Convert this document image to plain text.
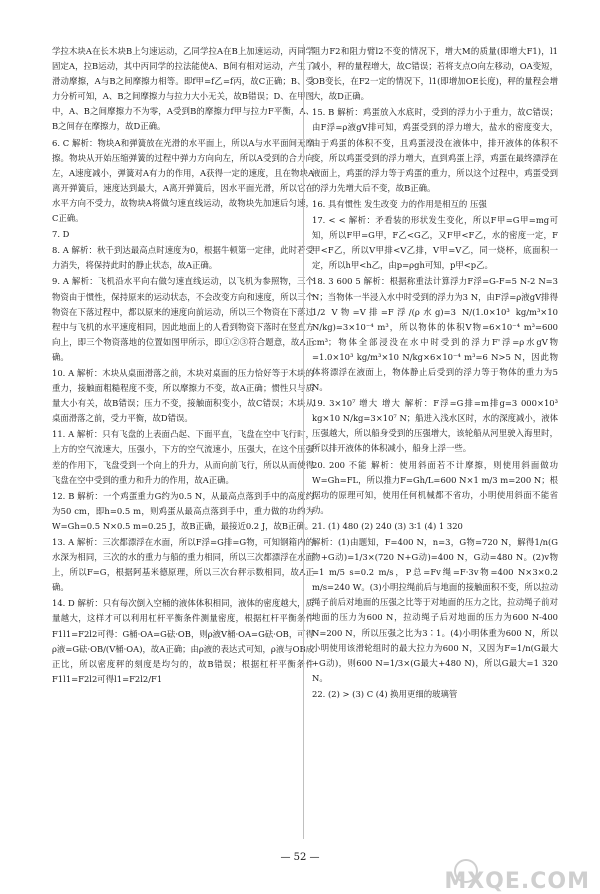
学拉木块A在长木块B上匀速运动，乙同学拉A在B上加速运动，丙同学固定A，拉B运动，其中丙同学的拉法能使A、B间有相对运动，产生了滑动摩擦，A与B之间摩擦力相等。即f甲=f乙=f丙，故C正确；B、受力分析可知，A、B之间摩擦力与拉力大小无关，故B错误；D、在甲图中，A、B之间摩擦力不为零，A受到B的摩擦力f甲与拉力F平衡，A、B之间存在摩擦力，故D正确。

6. C 解析：物块A和弹簧放在光滑的水平面上，所以A与水平面间无摩擦。物块从开始压缩弹簧的过程中弹力方向向左，所以A受到的合力向左，A速度减小，弹簧对A有力的作用，A获得一定的速度，且在物块A离开弹簧后，速度达到最大，A离开弹簧后，因水平面光滑，所以它在水平方向不受力，故物块A将做匀速直线运动，故物块先加速后匀速，C正确。

7. D

8. A 解析：秋千到达最高点时速度为0，根据牛顿第一定律，此时若受力消失，将保持此时的静止状态，故A正确。

9. A 解析：飞机沿水平向右做匀速直线运动，以飞机为参照物，三个物资由于惯性，保持原来的运动状态，不会改变方向和速度，所以三个物资在下落过程中，都以原来的速度向前运动，所以三个物资在下落过程中与飞机的水平速度相同，因此地面上的人看到物资下落时在竖直方向上，即三个物资落地的位置如图甲所示，即①②③符合题意，故A正确。

10. A 解析：木块从桌面滑落之前，木块对桌面的压力恰好等于木块的重力，接触面粗糙程度不变，所以摩擦力不变，故A正确；惯性只与质量大小有关，故B错误；压力不变，接触面积变小，故C错误；木块从桌面滑落之前，受力平衡，故D错误。

11. A 解析：只有飞盘的上表面凸起、下面平直，飞盘在空中飞行时，上方的空气流速大，压强小，下方的空气流速小，压强大，在这个压强差的作用下，飞盘受到一个向上的升力，从而向前飞行，所以从而使得飞盘在空中受到的重力和升力的作用，故A正确。

12. B 解析：一个鸡蛋重力G约为0.5 N，从最高点落到手中的高度约为50 cm，即h=0.5 m，则鸡蛋从最高点落到手中，重力做的功约为W=Gh=0.5 N×0.5 m=0.25 J，故B正确，最接近0.2 J，故B正确。

13. A 解析：三次都漂浮在水面，所以F浮=G排=G物，可知钢箱内的水深为相同，三次的水的重力与船的重力相同，所以三次都漂浮在水面上，所以F=G，根据阿基米德原理，所以三次台秤示数相同，故A正确。

14. D 解析：只有每次倒入空桶的液体体积相同，液体的密度越大，质量越大，这样才可以利用杠杆平衡条件测量密度，根据杠杆平衡条件F1l1=F2l2可得：G桶·OA=G砝·OB，则ρ液V桶·OA=G砝·OB，可得ρ液=G砝·OB/(V桶·OA)，故A正确；由ρ液的表达式可知，ρ液与OB成正比，所以密度秤的刻度是均匀的，故B错误；根据杠杆平衡条件F1l1=F2l2可得l1=F2l2/F1

阻力F2和阻力臂l2不变的情况下，增大M的质量(即增大F1)，l1减小，秤的量程增大，故C错误；若将支点O向左移动，OA变短，OB变长，在F2一定的情况下，l1(即增加OE长度)，秤的量程会增大，故D正确。

15. B 解析：鸡蛋放入水底时，受到的浮力小于重力，故C错误；由F浮=ρ液gV排可知，鸡蛋受到的浮力增大，盐水的密度变大，由于鸡蛋的体积不变，且鸡蛋浸没在液体中，排开液体的体积不变，所以鸡蛋受到的浮力增大，直到鸡蛋上浮，鸡蛋在最终漂浮在液面上，鸡蛋的浮力等于鸡蛋的重力，所以这个过程中，鸡蛋受到的浮力先增大后不变，故B正确。

16. 具有惯性 发生改变 力的作用是相互的 压强

17. < < 解析：矛看装的形状发生变化，所以F甲=G甲=mg可知，所以F甲=G甲，F乙<G乙，又F甲<F乙，水的密度一定，F甲<F乙，所以V甲排<V乙排，V甲=V乙，同一烧杯，底面积一定，所以h甲<h乙，由p=ρgh可知，p甲<p乙。

18. 3 600 5 解析：根据称重法计算浮力F浮=G-F=5 N-2 N=3 N；当物体一半浸入水中时受到的浮力为3 N，由F浮=ρ液gV排得1/2 V物=V排=F浮/(ρ水g)=3 N/(1.0×10³ kg/m³×10 N/kg)=3×10⁻⁴ m³，所以物体的体积V物=6×10⁻⁴ m³=600 cm³；物体全部浸没在水中时受到的浮力F'浮=ρ水gV物=1.0×10³ kg/m³×10 N/kg×6×10⁻⁴ m³=6 N>5 N，因此物体将漂浮在液面上，物体静止后受到的浮力等于物体的重力为5 N。

19. 3×10⁷ 增大 增大 解析：F浮=G排=m排g=3 000×10³ kg×10 N/kg=3×10⁷ N；船进入浅水区时，水的深度减小，液体压强越大，所以船身受到的压强增大，该轮船从河里驶入海里时，所以排开液体的体积减小，船身上浮一些。

20. 200 不能 解析：使用斜面若不计摩擦，则使用斜面做功W=Gh=FL，所以推力F=Gh/L=600 N×1 m/3 m=200 N；根据功的原理可知，使用任何机械都不省功，小明使用斜面不能省功。

21. (1) 480 (2) 240 (3) 3∶1 (4) 1 320

解析：(1)由题知，F=400 N，n=3，G物=720 N，解得1/n(G物+G动)=1/3×(720 N+G动)=400 N，G动=480 N。(2)v物=1 m/5 s=0.2 m/s，P总=Fv绳=F·3v物=400 N×3×0.2 m/s=240 W。(3)小明拉绳前后与地面的接触面积不变，所以拉动绳子前后对地面的压强之比等于对地面的压力之比，拉动绳子前对地面的压力为600 N，拉动绳子后对地面的压力为600 N-400 N=200 N，所以压强之比为3∶1。(4)小明体重为600 N，所以小明使用该滑轮组时的最大拉力为600 N，又因为F=1/n(G最大+G动)，则600 N=1/3×(G最大+480 N)，所以G最大=1 320 N。

22. (2) > (3) C (4) 换用更细的玻璃管

— 52 —
MXQE.COM
